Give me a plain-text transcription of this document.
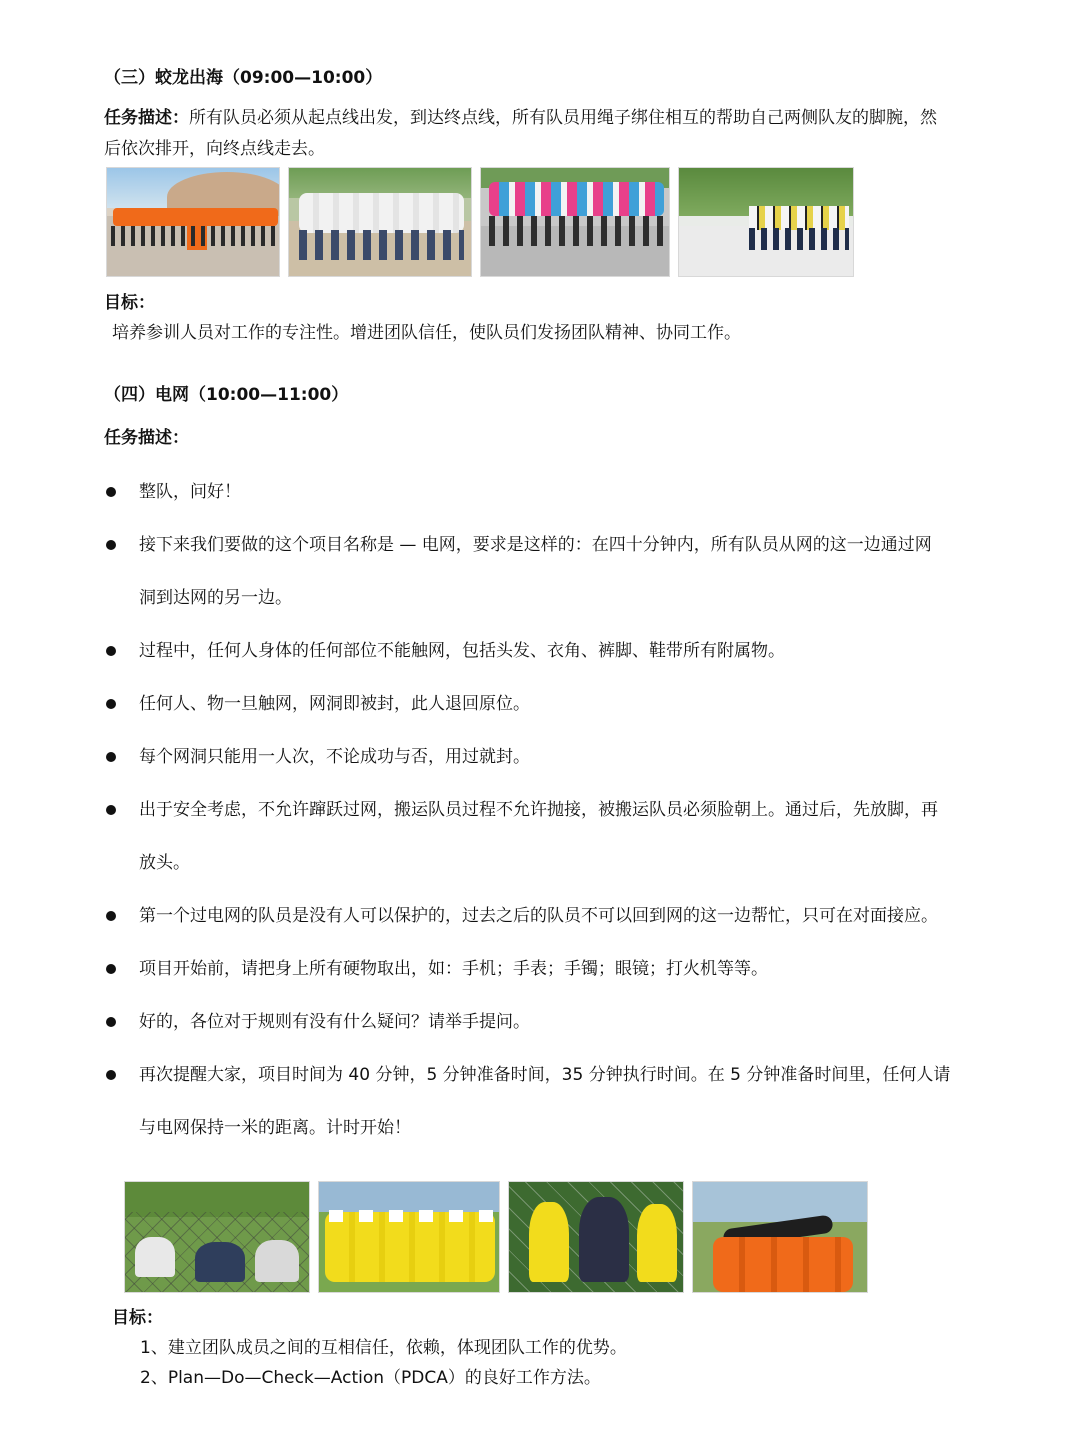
（三）蛟龙出海（09:00—10:00）
任务描述：所有队员必须从起点线出发，到达终点线，所有队员用绳子绑住相互的帮助自己两侧队友的脚腕，然
后依次排开，向终点线走去。
目标：
培养参训人员对工作的专注性。增进团队信任，使队员们发扬团队精神、协同工作。
（四）电网（10:00—11:00）
任务描述：
整队，问好！
接下来我们要做的这个项目名称是 — 电网，要求是这样的：在四十分钟内，所有队员从网的这一边通过网
洞到达网的另一边。
过程中，任何人身体的任何部位不能触网，包括头发、衣角、裤脚、鞋带所有附属物。
任何人、物一旦触网，网洞即被封，此人退回原位。
每个网洞只能用一人次，不论成功与否，用过就封。
出于安全考虑，不允许蹿跃过网，搬运队员过程不允许抛接，被搬运队员必须脸朝上。通过后，先放脚，再
放头。
第一个过电网的队员是没有人可以保护的，过去之后的队员不可以回到网的这一边帮忙，只可在对面接应。
项目开始前，请把身上所有硬物取出，如：手机；手表；手镯；眼镜；打火机等等。
好的，各位对于规则有没有什么疑问？请举手提问。
再次提醒大家，项目时间为 40 分钟，5 分钟准备时间，35 分钟执行时间。在 5 分钟准备时间里，任何人请
与电网保持一米的距离。计时开始！
目标：
1、建立团队成员之间的互相信任，依赖，体现团队工作的优势。
2、Plan—Do—Check—Action（PDCA）的良好工作方法。
